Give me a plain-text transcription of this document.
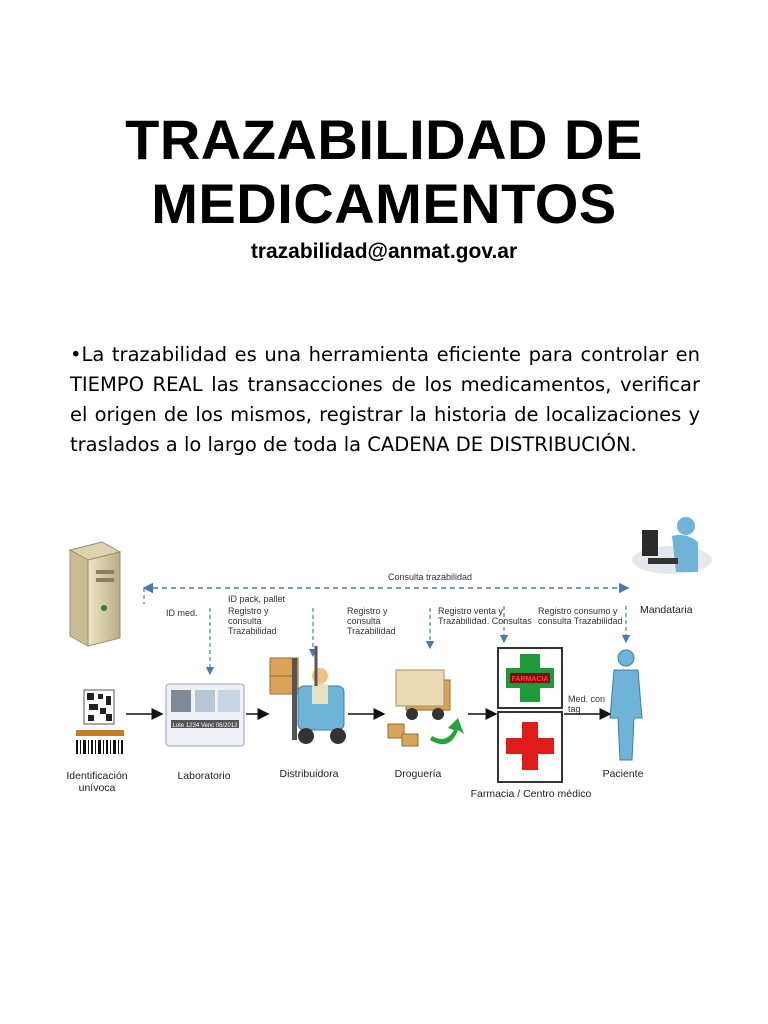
TRAZABILIDAD DE MEDICAMENTOS
trazabilidad@anmat.gov.ar
•La trazabilidad es una herramienta eficiente para controlar en TIEMPO REAL las transacciones de los medicamentos, verificar el origen de los mismos, registrar la historia de localizaciones y traslados a lo largo de toda la CADENA DE DISTRIBUCIÓN.
Lote 1234 Venc 06/2012
FARMACIA
Consulta trazabilidad
ID med.
ID pack, pallet
Registro y consulta Trazabilidad
Registro y consulta Trazabilidad
Registro venta y Trazabilidad. Consultas
Registro consumo y consulta Trazabilidad
Mandataria
Med. con tag
Identificación unívoca
Laboratorio	Distribuidora	Droguería
Farmacia / Centro médico
Paciente
